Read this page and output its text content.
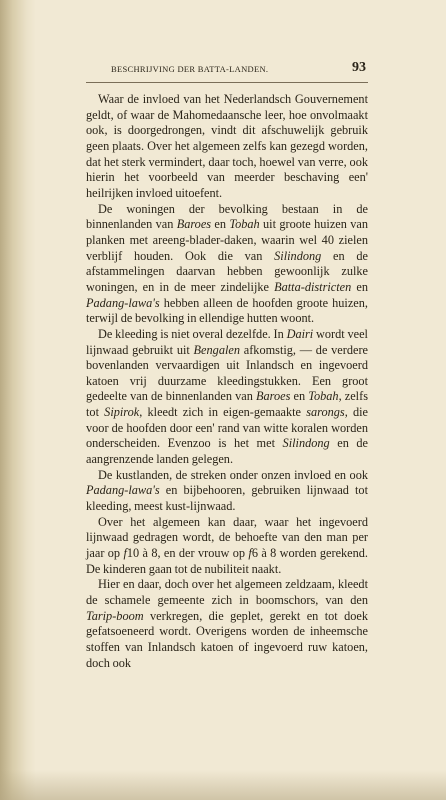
BESCHRIJVING DER BATTA-LANDEN.	93

Waar de invloed van het Nederlandsch Gouvernement geldt, of waar de Mahomedaansche leer, hoe onvolmaakt ook, is doorgedrongen, vindt dit afschuwelijk gebruik geen plaats. Over het algemeen zelfs kan gezegd worden, dat het sterk vermindert, daar toch, hoewel van verre, ook hierin het voorbeeld van meerder beschaving een' heilrijken invloed uitoefent.

De woningen der bevolking bestaan in de binnenlanden van Baroes en Tobah uit groote huizen van planken met areeng-blader-daken, waarin wel 40 zielen verblijf houden. Ook die van Silindong en de afstammelingen daarvan hebben gewoonlijk zulke woningen, en in de meer zindelijke Batta-districten en Padang-lawa's hebben alleen de hoofden groote huizen, terwijl de bevolking in ellendige hutten woont.

De kleeding is niet overal dezelfde. In Dairi wordt veel lijnwaad gebruikt uit Bengalen afkomstig, — de verdere bovenlanden vervaardigen uit Inlandsch en ingevoerd katoen vrij duurzame kleedingstukken. Een groot gedeelte van de binnenlanden van Baroes en Tobah, zelfs tot Sipirok, kleedt zich in eigen-gemaakte sarongs, die voor de hoofden door een' rand van witte koralen worden onderscheiden. Evenzoo is het met Silindong en de aangrenzende landen gelegen.

De kustlanden, de streken onder onzen invloed en ook Padang-lawa's en bijbehooren, gebruiken lijnwaad tot kleeding, meest kust-lijnwaad.

Over het algemeen kan daar, waar het ingevoerd lijnwaad gedragen wordt, de behoefte van den man per jaar op f10 à 8, en der vrouw op f6 à 8 worden gerekend. De kinderen gaan tot de nubiliteit naakt.

Hier en daar, doch over het algemeen zeldzaam, kleedt de schamele gemeente zich in boomschors, van den Tarip-boom verkregen, die geplet, gerekt en tot doek gefatsoeneerd wordt. Overigens worden de inheemsche stoffen van Inlandsch katoen of ingevoerd ruw katoen, doch ook
